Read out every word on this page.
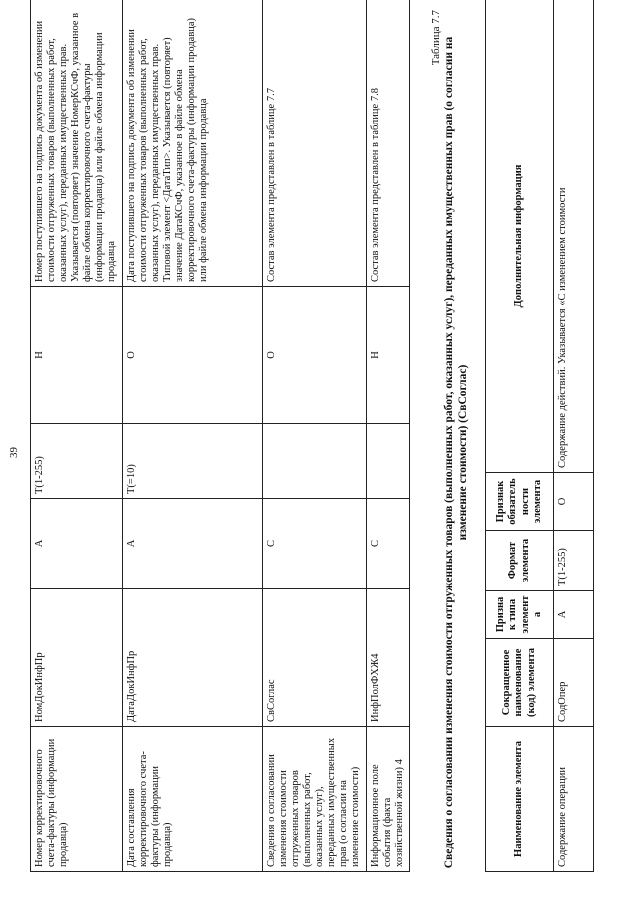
39
Номер корректировочного счета-фактуры (информации продавца)	НомДокИнфПр	А	T(1-255)	Н	Номер поступившего на подпись документа об изменении стоимости отгруженных товаров (выполненных работ, оказанных услуг), переданных имущественных прав. Указывается (повторяет) значение НомерКСчФ, указанное в файле обмена корректировочного счета-фактуры (информации продавца) или файле обмена информации продавца
Дата составления корректировочного счета-фактуры (информации продавца)	ДатаДокИнфПр	А	T(=10)	О	Дата поступившего на подпись документа об изменении стоимости отгруженных товаров (выполненных работ, оказанных услуг), переданных имущественных прав. Типовой элемент <ДатаТип>. Указывается (повторяет) значение ДатаКСчФ, указанное в файле обмена корректировочного счета-фактуры (информации продавца) или файле обмена информации продавца
Сведения о согласовании изменения стоимости отгруженных товаров (выполненных работ, оказанных услуг), переданных имущественных прав (о согласии на изменение стоимости)	СвСоглас	С		О	Состав элемента представлен в таблице 7.7
Информационное поле события (факта хозяйственной жизни) 4	ИнфПолФХЖ4	С		Н	Состав элемента представлен в таблице 7.8
Таблица 7.7 Сведения о согласовании изменения стоимости отгруженных товаров (выполненных работ, оказанных услуг), переданных имущественных прав (о согласии на изменение стоимости) (СвСоглас)
Наименование элемента	Сокращенное наименование (код) элемента	Признак типа элемента	Формат элемента	Признак обязательности элемента	Дополнительная информация
Содержание операции	СодОпер	А	T(1-255)	О	Содержание действий. Указывается «С изменением стоимости
